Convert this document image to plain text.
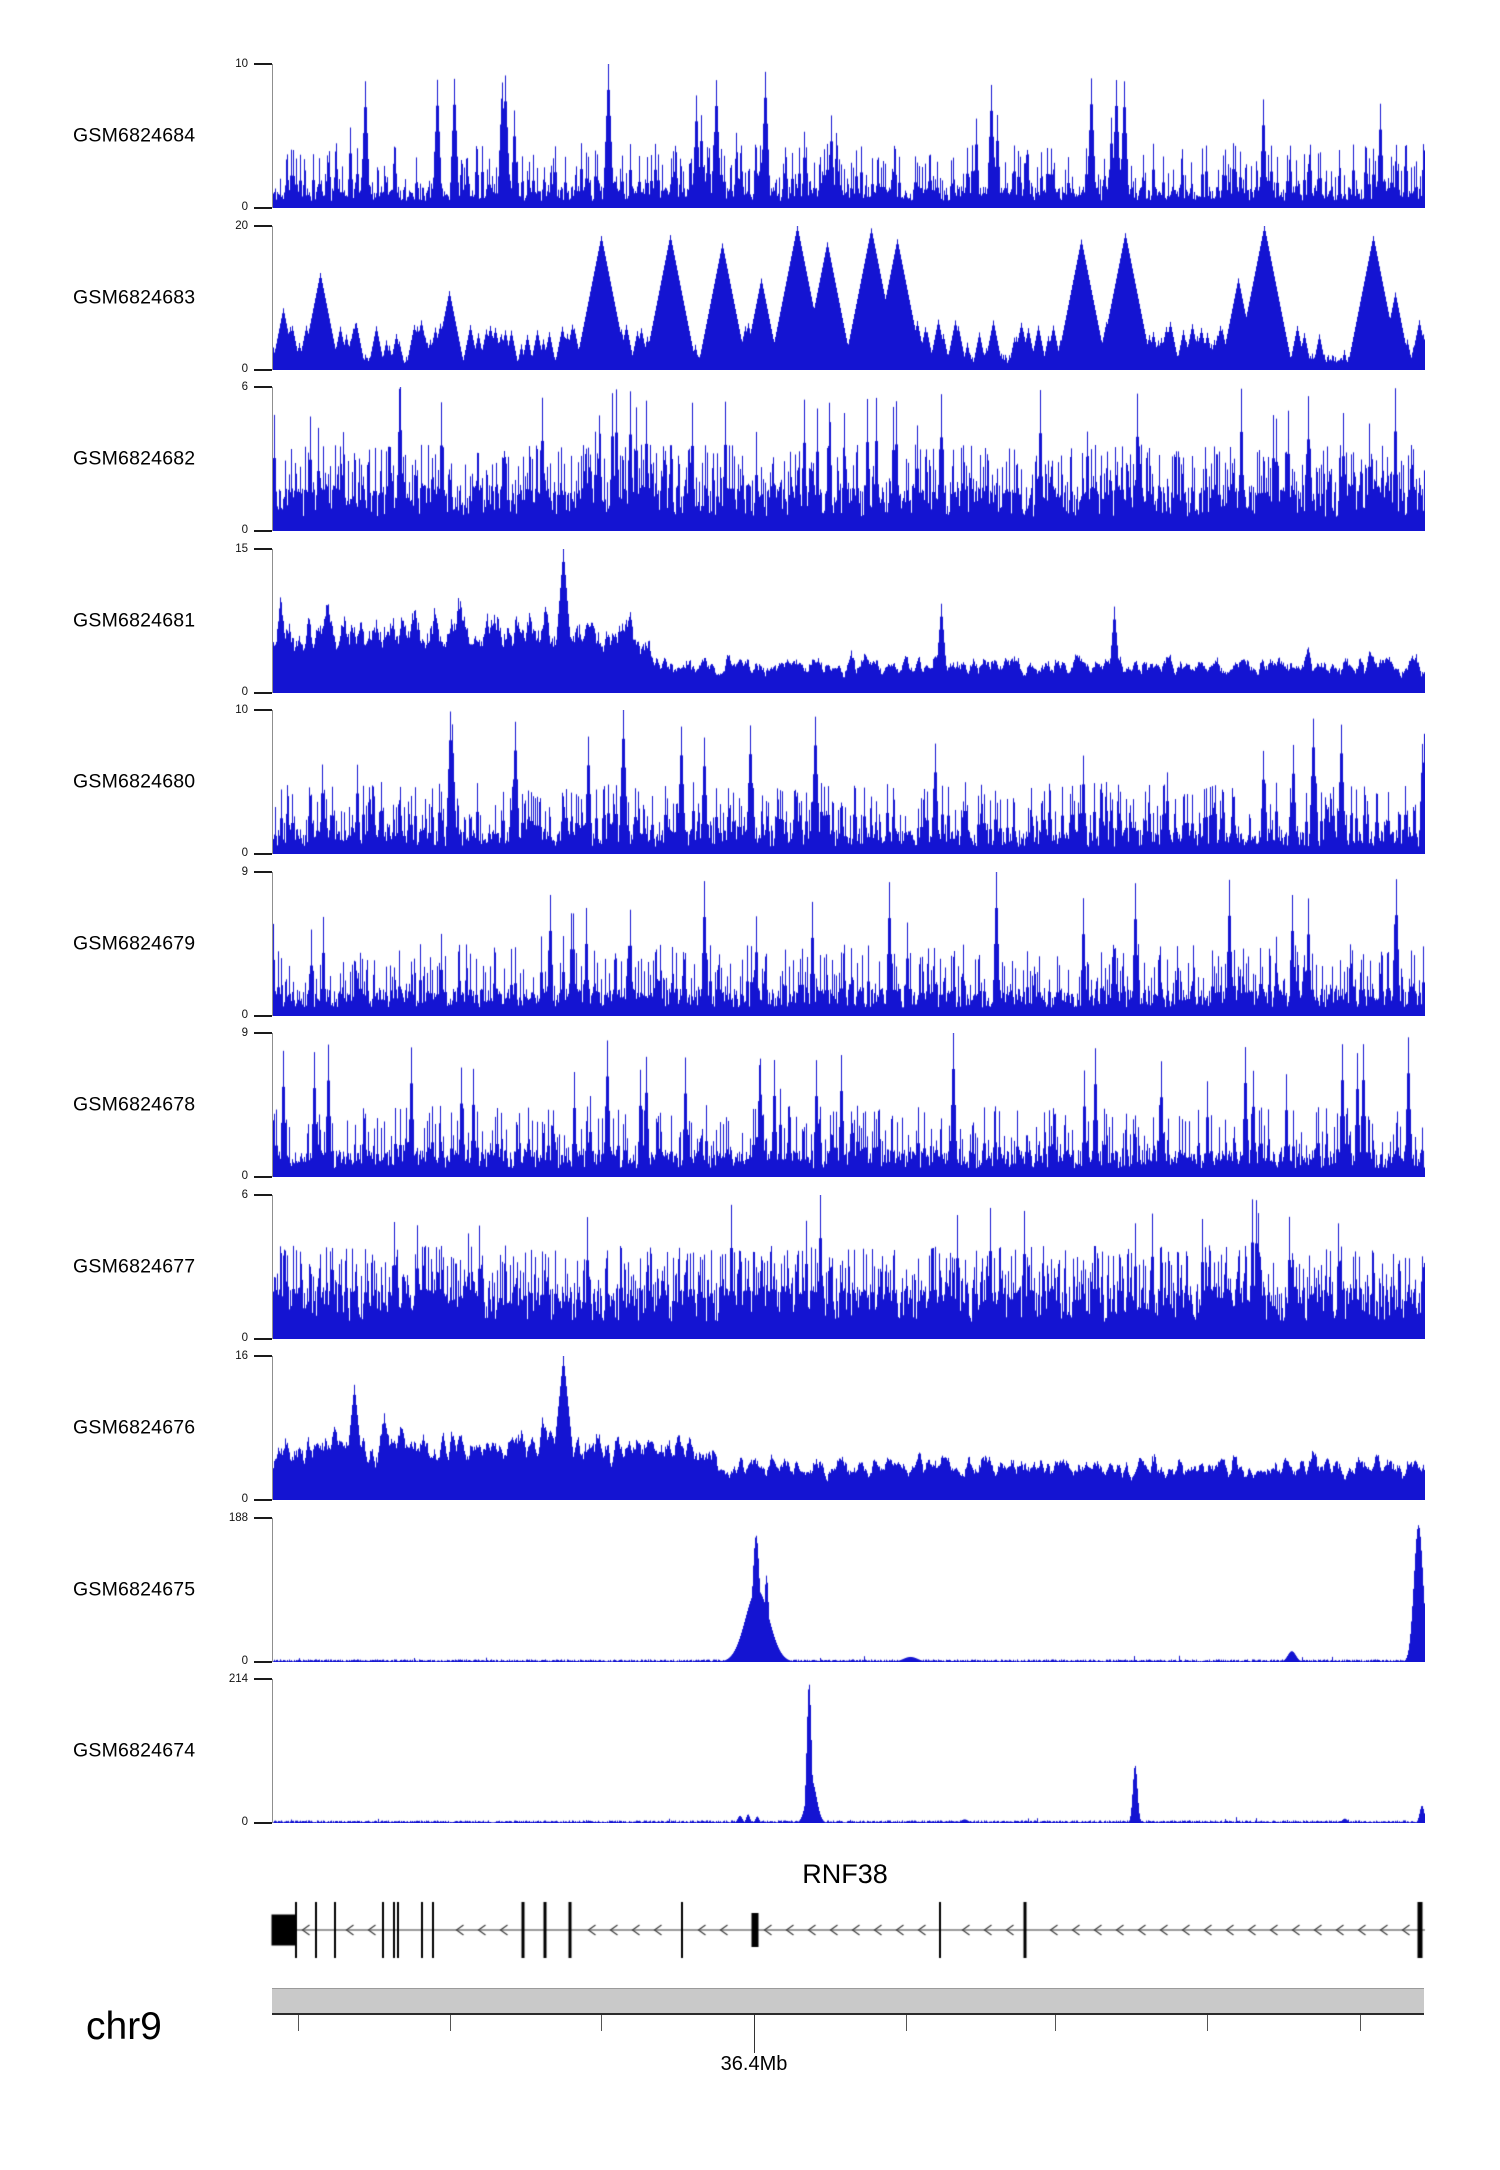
GSM6824684
10
0
GSM6824683
20
0
GSM6824682
6
0
GSM6824681
15
0
GSM6824680
10
0
GSM6824679
9
0
GSM6824678
9
0
GSM6824677
6
0
GSM6824676
16
0
GSM6824675
188
0
GSM6824674
214
0
RNF38
36.4Mb
chr9
